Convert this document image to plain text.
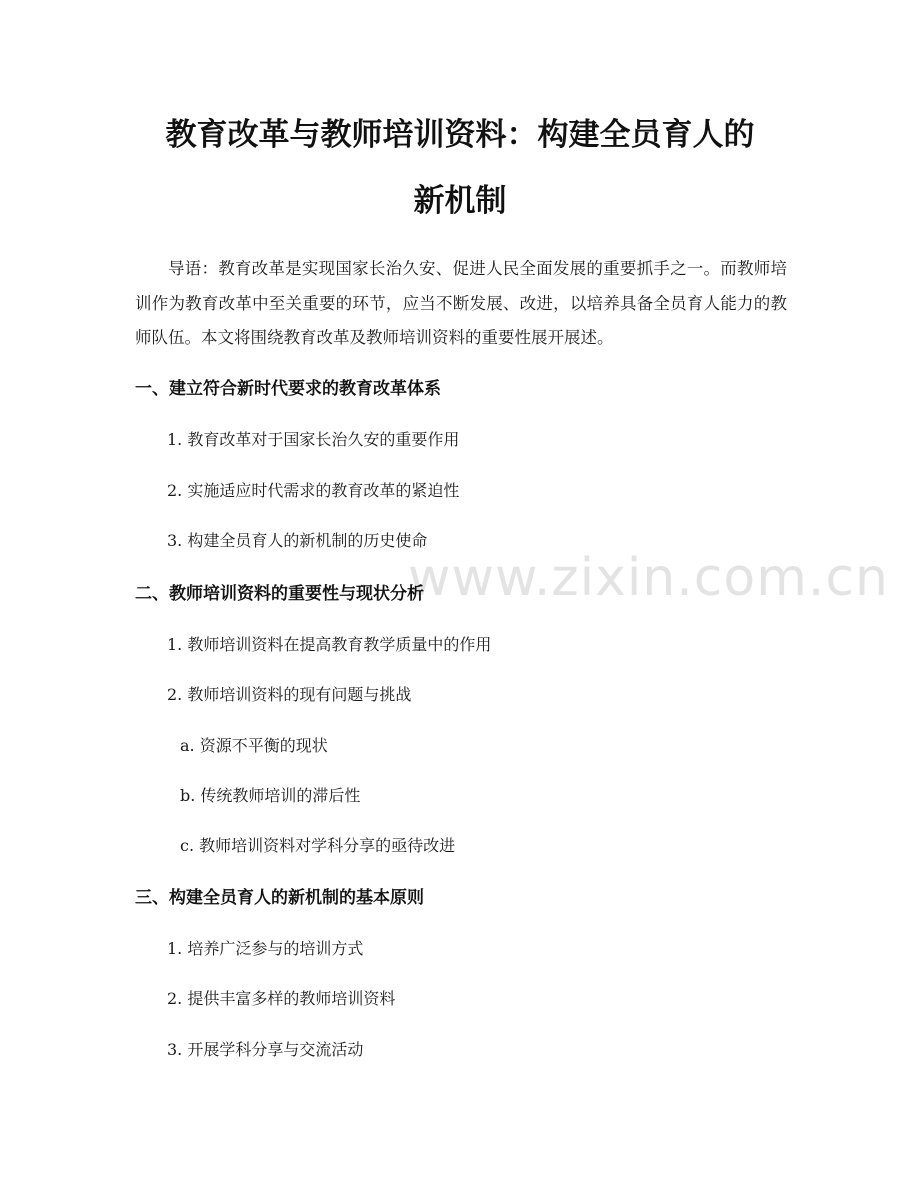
www.zixin.com.cn
教育改革与教师培训资料：构建全员育人的
新机制

导语：教育改革是实现国家长治久安、促进人民全面发展的重要抓手之一。而教师培训作为教育改革中至关重要的环节，应当不断发展、改进，以培养具备全员育人能力的教师队伍。本文将围绕教育改革及教师培训资料的重要性展开展述。

一、建立符合新时代要求的教育改革体系

1. 教育改革对于国家长治久安的重要作用

2. 实施适应时代需求的教育改革的紧迫性

3. 构建全员育人的新机制的历史使命

二、教师培训资料的重要性与现状分析

1. 教师培训资料在提高教育教学质量中的作用

2. 教师培训资料的现有问题与挑战

a. 资源不平衡的现状

b. 传统教师培训的滞后性

c. 教师培训资料对学科分享的亟待改进

三、构建全员育人的新机制的基本原则

1. 培养广泛参与的培训方式

2. 提供丰富多样的教师培训资料

3. 开展学科分享与交流活动
